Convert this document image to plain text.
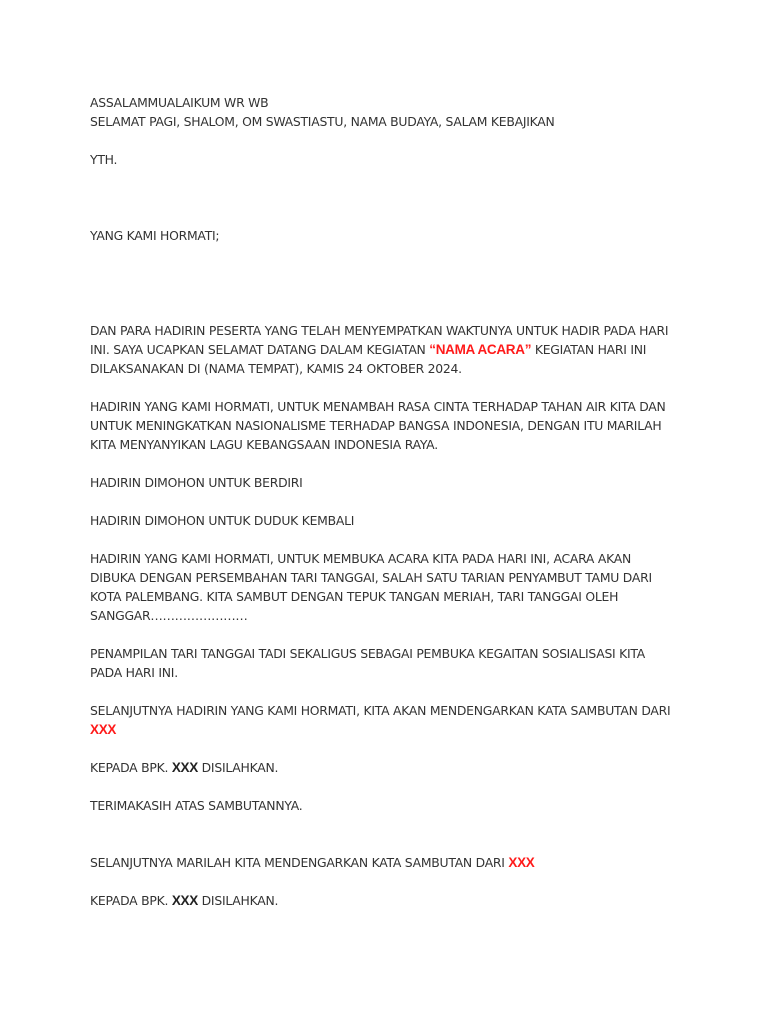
ASSALAMMUALAIKUM WR WB

SELAMAT PAGI, SHALOM, OM SWASTIASTU, NAMA BUDAYA, SALAM KEBAJIKAN

YTH.

YANG KAMI HORMATI;

DAN PARA HADIRIN PESERTA YANG TELAH MENYEMPATKAN WAKTUNYA UNTUK HADIR PADA HARI INI. SAYA UCAPKAN SELAMAT DATANG DALAM KEGIATAN “NAMA ACARA” KEGIATAN HARI INI DILAKSANAKAN DI (NAMA TEMPAT), KAMIS 24 OKTOBER 2024.

HADIRIN YANG KAMI HORMATI, UNTUK MENAMBAH RASA CINTA TERHADAP TAHAN AIR KITA DAN UNTUK MENINGKATKAN NASIONALISME TERHADAP BANGSA INDONESIA, DENGAN ITU MARILAH KITA MENYANYIKAN LAGU KEBANGSAAN INDONESIA RAYA.

HADIRIN DIMOHON UNTUK BERDIRI

HADIRIN DIMOHON UNTUK DUDUK KEMBALI

HADIRIN YANG KAMI HORMATI, UNTUK MEMBUKA ACARA KITA PADA HARI INI, ACARA AKAN DIBUKA DENGAN PERSEMBAHAN TARI TANGGAI, SALAH SATU TARIAN PENYAMBUT TAMU DARI KOTA PALEMBANG. KITA SAMBUT DENGAN TEPUK TANGAN MERIAH, TARI TANGGAI OLEH SANGGAR……………………

PENAMPILAN TARI TANGGAI TADI SEKALIGUS SEBAGAI PEMBUKA KEGAITAN SOSIALISASI KITA PADA HARI INI.

SELANJUTNYA HADIRIN YANG KAMI HORMATI, KITA AKAN MENDENGARKAN KATA SAMBUTAN DARI XXX

KEPADA BPK. XXX DISILAHKAN.

TERIMAKASIH ATAS SAMBUTANNYA.

SELANJUTNYA MARILAH KITA MENDENGARKAN KATA SAMBUTAN DARI XXX

KEPADA BPK. XXX DISILAHKAN.
